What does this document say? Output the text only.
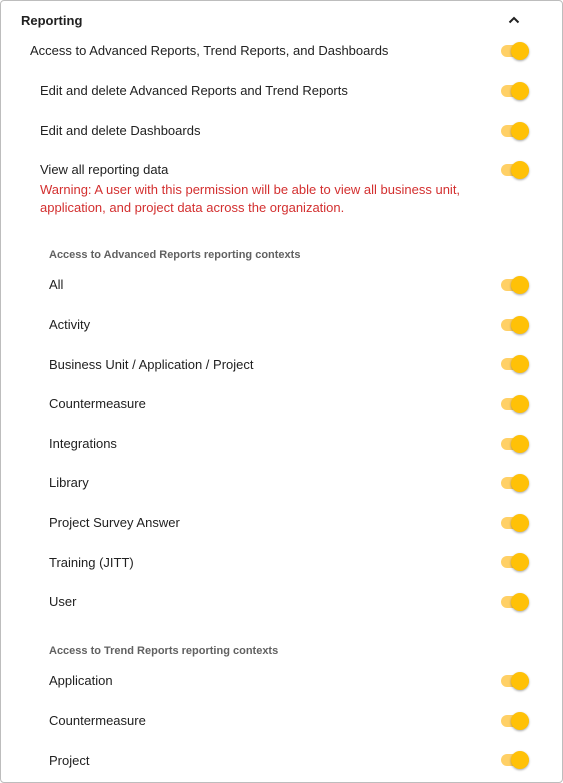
Reporting
Access to Advanced Reports, Trend Reports, and Dashboards
Edit and delete Advanced Reports and Trend Reports
Edit and delete Dashboards
View all reporting data
Warning: A user with this permission will be able to view all business unit, application, and project data across the organization.
Access to Advanced Reports reporting contexts
All
Activity
Business Unit / Application / Project
Countermeasure
Integrations
Library
Project Survey Answer
Training (JITT)
User
Access to Trend Reports reporting contexts
Application
Countermeasure
Project
